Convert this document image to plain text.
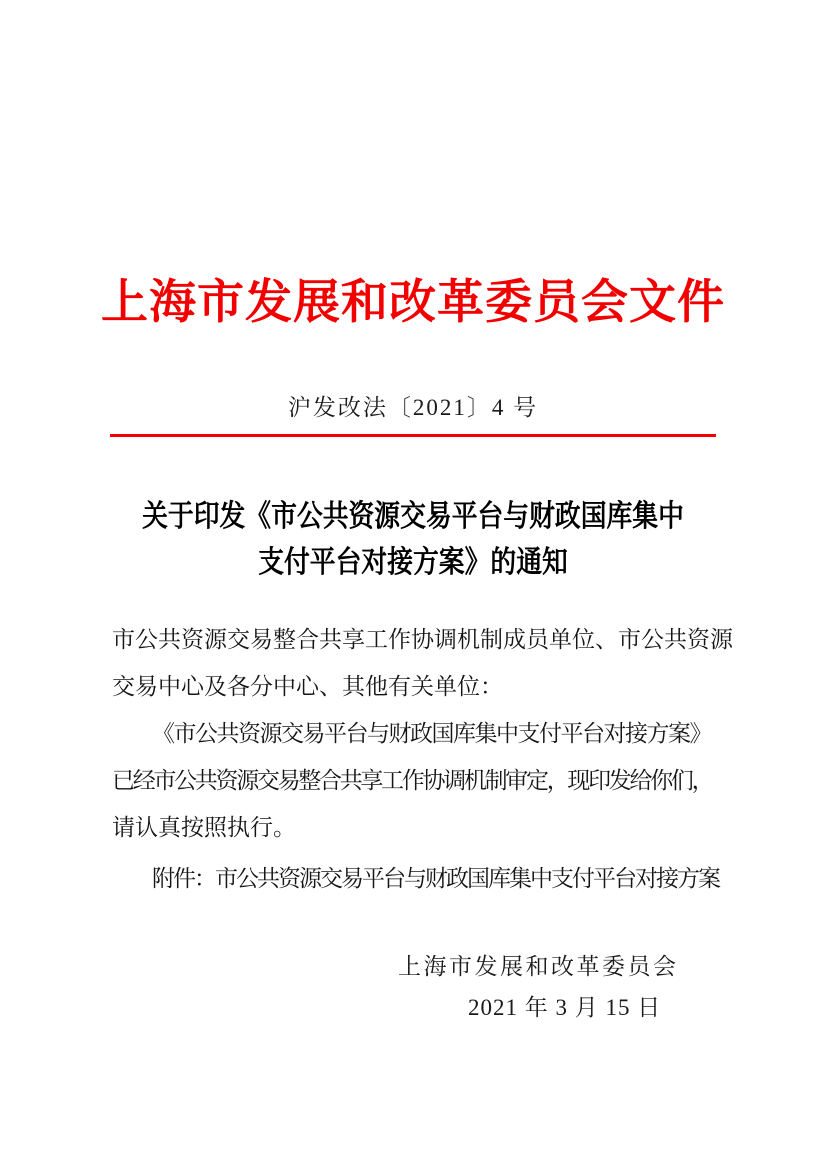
上海市发展和改革委员会文件
沪发改法〔2021〕4 号
关于印发《市公共资源交易平台与财政国库集中
支付平台对接方案》的通知
市公共资源交易整合共享工作协调机制成员单位、市公共资源
交易中心及各分中心、其他有关单位：
《市公共资源交易平台与财政国库集中支付平台对接方案》
已经市公共资源交易整合共享工作协调机制审定，现印发给你们，
请认真按照执行。
附件：市公共资源交易平台与财政国库集中支付平台对接方案
上海市发展和改革委员会
2021 年 3 月 15 日
